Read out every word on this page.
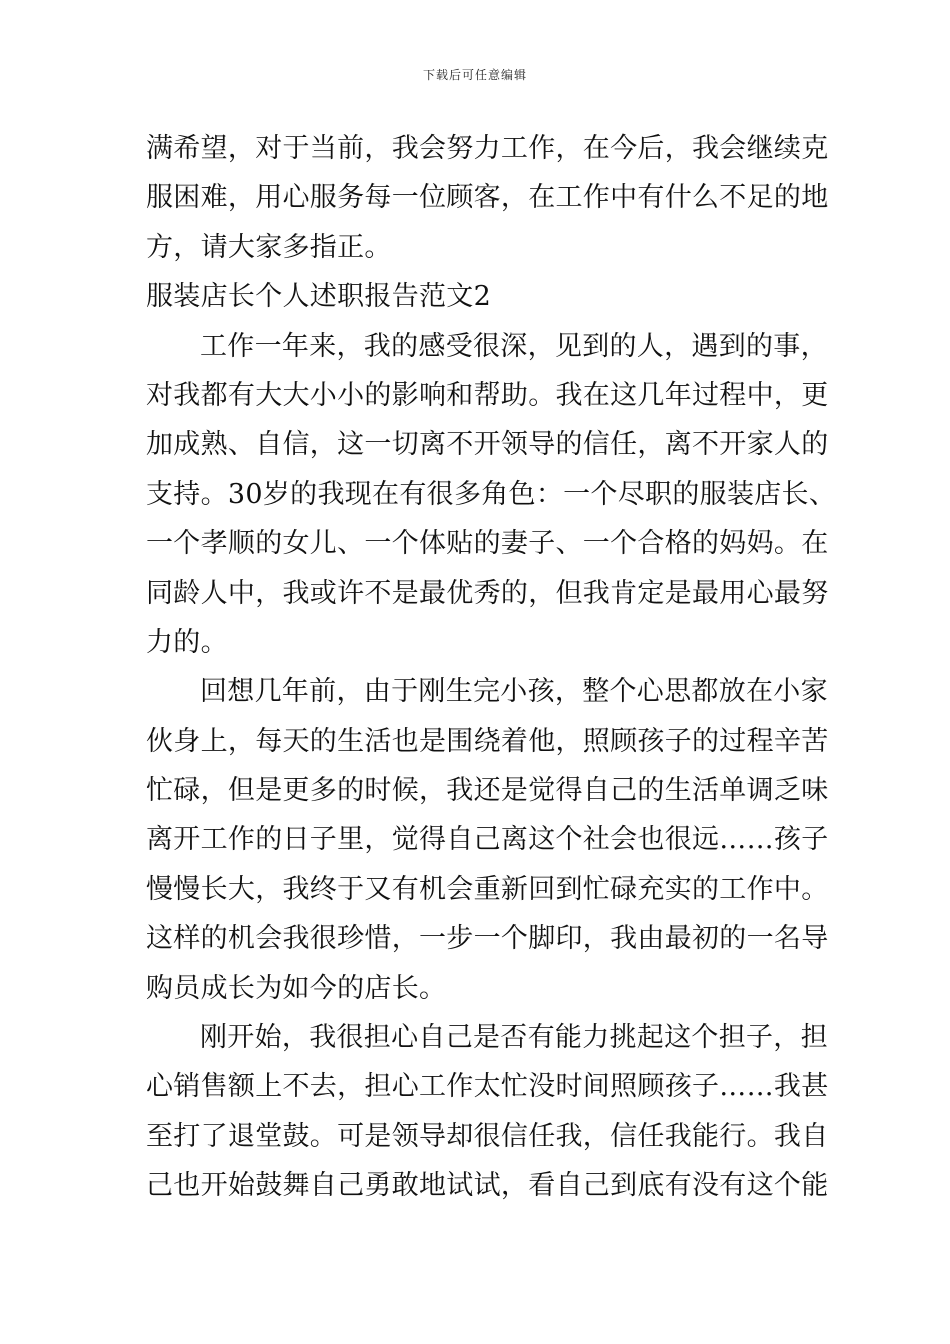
下载后可任意编辑
满希望，对于当前，我会努力工作，在今后，我会继续克
服困难，用心服务每一位顾客，在工作中有什么不足的地
方，请大家多指正。
服装店长个人述职报告范文2
工作一年来，我的感受很深，见到的人，遇到的事，
对我都有大大小小的影响和帮助。我在这几年过程中，更
加成熟、自信，这一切离不开领导的信任，离不开家人的
支持。30岁的我现在有很多角色：一个尽职的服装店长、
一个孝顺的女儿、一个体贴的妻子、一个合格的妈妈。在
同龄人中，我或许不是最优秀的，但我肯定是最用心最努
力的。
回想几年前，由于刚生完小孩，整个心思都放在小家
伙身上，每天的生活也是围绕着他，照顾孩子的过程辛苦
忙碌，但是更多的时候，我还是觉得自己的生活单调乏味
离开工作的日子里，觉得自己离这个社会也很远……孩子
慢慢长大，我终于又有机会重新回到忙碌充实的工作中。
这样的机会我很珍惜，一步一个脚印，我由最初的一名导
购员成长为如今的店长。
刚开始，我很担心自己是否有能力挑起这个担子，担
心销售额上不去，担心工作太忙没时间照顾孩子……我甚
至打了退堂鼓。可是领导却很信任我，信任我能行。我自
己也开始鼓舞自己勇敢地试试，看自己到底有没有这个能
